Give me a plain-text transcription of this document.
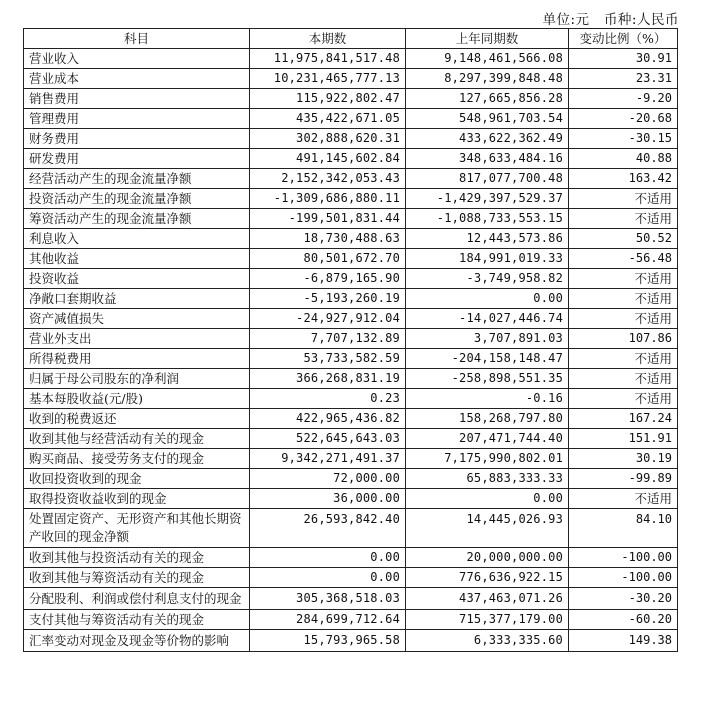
单位:元 币种:人民币
科目	本期数	上年同期数	变动比例（%）
营业收入	11,975,841,517.48	9,148,461,566.08	30.91
营业成本	10,231,465,777.13	8,297,399,848.48	23.31
销售费用	115,922,802.47	127,665,856.28	-9.20
管理费用	435,422,671.05	548,961,703.54	-20.68
财务费用	302,888,620.31	433,622,362.49	-30.15
研发费用	491,145,602.84	348,633,484.16	40.88
经营活动产生的现金流量净额	2,152,342,053.43	817,077,700.48	163.42
投资活动产生的现金流量净额	-1,309,686,880.11	-1,429,397,529.37	不适用
筹资活动产生的现金流量净额	-199,501,831.44	-1,088,733,553.15	不适用
利息收入	18,730,488.63	12,443,573.86	50.52
其他收益	80,501,672.70	184,991,019.33	-56.48
投资收益	-6,879,165.90	-3,749,958.82	不适用
净敞口套期收益	-5,193,260.19	0.00	不适用
资产减值损失	-24,927,912.04	-14,027,446.74	不适用
营业外支出	7,707,132.89	3,707,891.03	107.86
所得税费用	53,733,582.59	-204,158,148.47	不适用
归属于母公司股东的净利润	366,268,831.19	-258,898,551.35	不适用
基本每股收益(元/股)	0.23	-0.16	不适用
收到的税费返还	422,965,436.82	158,268,797.80	167.24
收到其他与经营活动有关的现金	522,645,643.03	207,471,744.40	151.91
购买商品、接受劳务支付的现金	9,342,271,491.37	7,175,990,802.01	30.19
收回投资收到的现金	72,000.00	65,883,333.33	-99.89
取得投资收益收到的现金	36,000.00	0.00	不适用
处置固定资产、无形资产和其他长期资产收回的现金净额	26,593,842.40	14,445,026.93	84.10
收到其他与投资活动有关的现金	0.00	20,000,000.00	-100.00
收到其他与筹资活动有关的现金	0.00	776,636,922.15	-100.00
分配股利、利润或偿付利息支付的现金	305,368,518.03	437,463,071.26	-30.20
支付其他与筹资活动有关的现金	284,699,712.64	715,377,179.00	-60.20
汇率变动对现金及现金等价物的影响	15,793,965.58	6,333,335.60	149.38
